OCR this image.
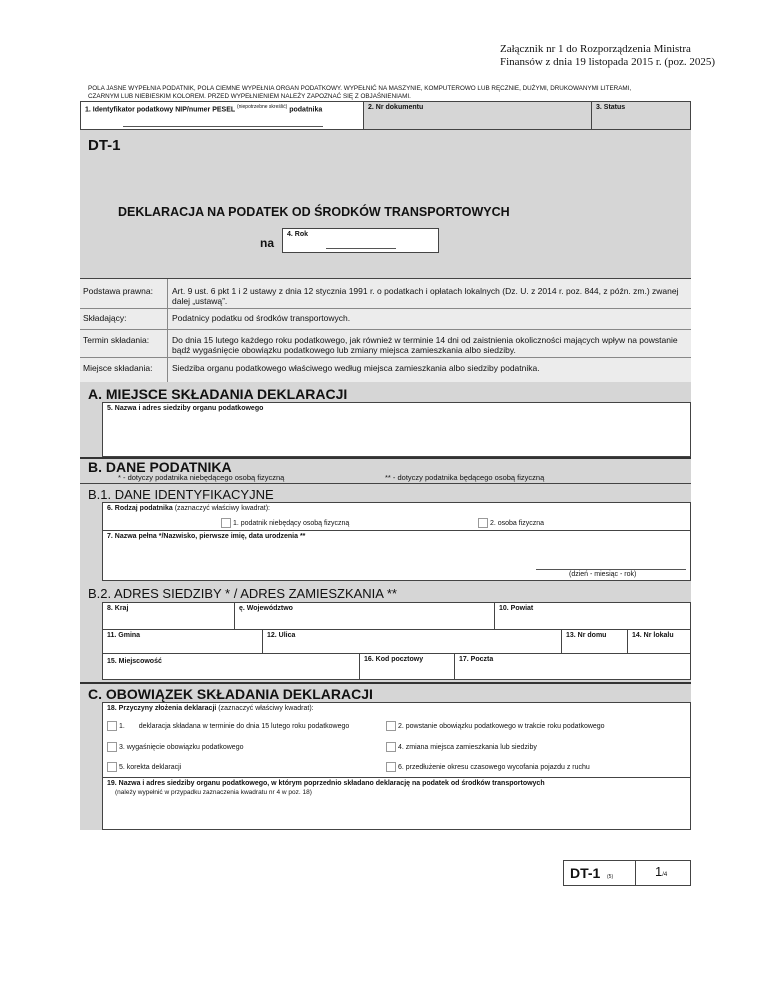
Załącznik nr 1 do Rozporządzenia Ministra
Finansów z dnia 19 listopada 2015 r. (poz. 2025)
POLA JASNE WYPEŁNIA PODATNIK, POLA CIEMNE WYPEŁNIA ORGAN PODATKOWY. WYPEŁNIĆ NA MASZYNIE, KOMPUTEROWO LUB RĘCZNIE, DUŻYMI, DRUKOWANYMI LITERAMI,
CZARNYM LUB NIEBIESKIM KOLOREM. PRZED WYPEŁNIENIEM NALEŻY ZAPOZNAĆ SIĘ Z OBJAŚNIENIAMI.
1. Identyfikator podatkowy NIP/numer PESEL $^{(niepotrzebne skreślić)}$ podatnika	2. Nr dokumentu	3. Status
DT-1
DEKLARACJA NA PODATEK OD ŚRODKÓW TRANSPORTOWYCH
na
4. Rok
Podstawa prawna:	Art. 9 ust. 6 pkt 1 i 2 ustawy z dnia 12 stycznia 1991 r. o podatkach i opłatach lokalnych (Dz. U. z 2014 r. poz. 844, z późn. zm.) zwanej dalej „ustawą”.
Składający:	Podatnicy podatku od środków transportowych.
Termin składania:	Do dnia 15 lutego każdego roku podatkowego, jak również w terminie 14 dni od zaistnienia okoliczności mających wpływ na powstanie bądź wygaśnięcie obowiązku podatkowego lub zmiany miejsca zamieszkania albo siedziby.
Miejsce składania: Siedziba organu podatkowego właściwego według miejsca zamieszkania albo siedziby podatnika.
A. MIEJSCE SKŁADANIA DEKLARACJI
5. Nazwa i adres siedziby organu podatkowego
B. DANE PODATNIKA
* - dotyczy podatnika niebędącego osobą fizyczną	** - dotyczy podatnika będącego osobą fizyczną
B.1. DANE IDENTYFIKACYJNE
6. Rodzaj podatnika (zaznaczyć właściwy kwadrat):
1. podatnik niebędący osobą fizyczną	2. osoba fizyczna
7. Nazwa pełna */Nazwisko, pierwsze imię, data urodzenia **
(dzień - miesiąc - rok)
B.2. ADRES SIEDZIBY * / ADRES ZAMIESZKANIA **
8. Kraj	ę. Województwo	10. Powiat
11. Gmina	12. Ulica	13. Nr domu	14. Nr lokalu
15. Miejscowość	16. Kod pocztowy	17. Poczta
C. OBOWIĄZEK SKŁADANIA DEKLARACJI
18. Przyczyny złożenia deklaracji (zaznaczyć właściwy kwadrat):
1. deklaracja składana w terminie do dnia 15 lutego roku podatkowego	2. powstanie obowiązku podatkowego w trakcie roku podatkowego
3. wygaśnięcie obowiązku podatkowego	4. zmiana miejsca zamieszkania lub siedziby
5. korekta deklaracji	6. przedłużenie okresu czasowego wycofania pojazdu z ruchu
19. Nazwa i adres siedziby organu podatkowego, w którym poprzednio składano deklarację na podatek od środków transportowych
(należy wypełnić w przypadku zaznaczenia kwadratu nr 4 w poz. 18)
DT-1 (5)	1/4
